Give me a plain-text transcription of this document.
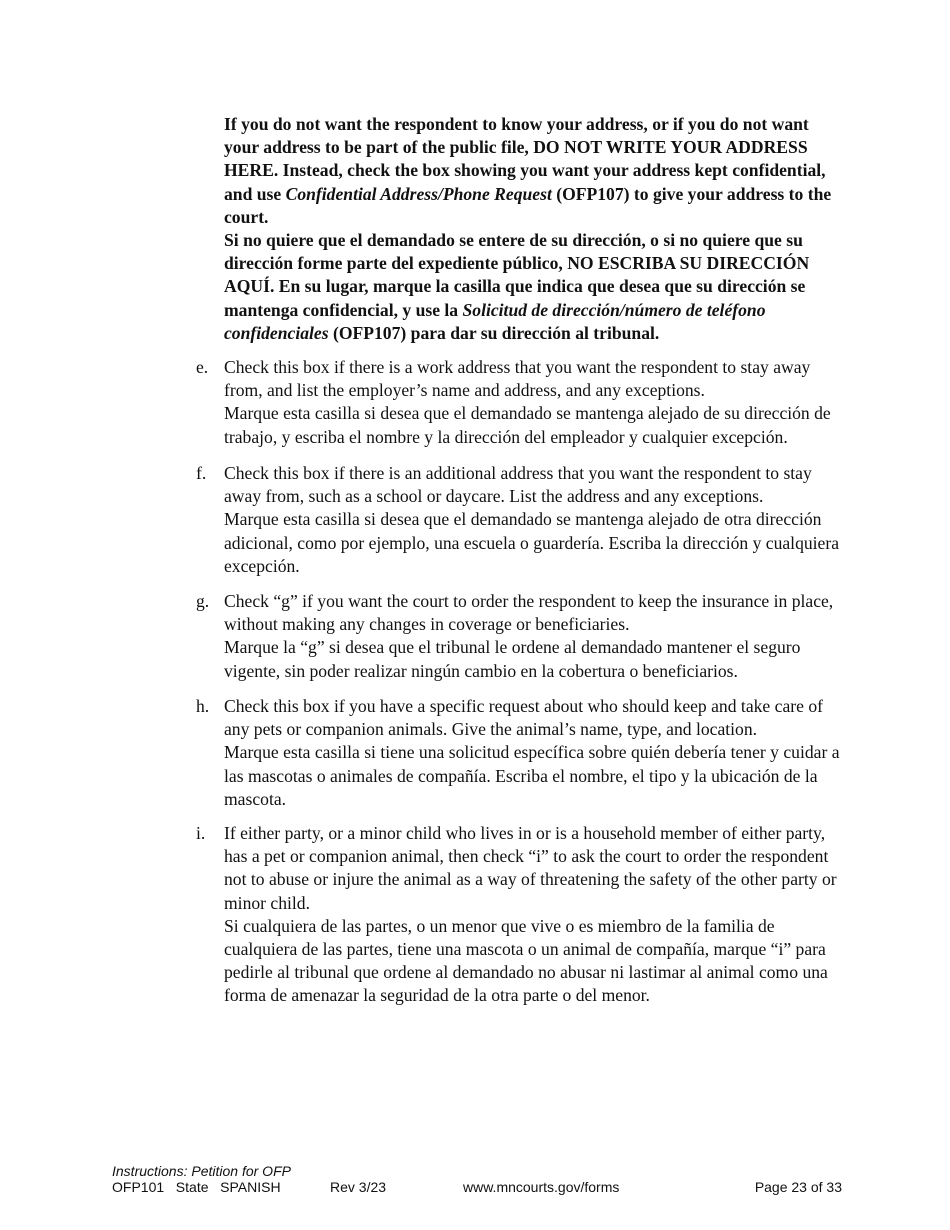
If you do not want the respondent to know your address, or if you do not want your address to be part of the public file, DO NOT WRITE YOUR ADDRESS HERE. Instead, check the box showing you want your address kept confidential, and use Confidential Address/Phone Request (OFP107) to give your address to the court.

Si no quiere que el demandado se entere de su dirección, o si no quiere que su dirección forme parte del expediente público, NO ESCRIBA SU DIRECCIÓN AQUÍ. En su lugar, marque la casilla que indica que desea que su dirección se mantenga confidencial, y use la Solicitud de dirección/número de teléfono confidenciales (OFP107) para dar su dirección al tribunal.

e. Check this box if there is a work address that you want the respondent to stay away from, and list the employer’s name and address, and any exceptions.

Marque esta casilla si desea que el demandado se mantenga alejado de su dirección de trabajo, y escriba el nombre y la dirección del empleador y cualquier excepción.

f.	Check this box if there is an additional address that you want the respondent to stay away from, such as a school or daycare. List the address and any exceptions.

Marque esta casilla si desea que el demandado se mantenga alejado de otra dirección adicional, como por ejemplo, una escuela o guardería. Escriba la dirección y cualquiera excepción.

g. Check “g” if you want the court to order the respondent to keep the insurance in place, without making any changes in coverage or beneficiaries.

Marque la “g” si desea que el tribunal le ordene al demandado mantener el seguro vigente, sin poder realizar ningún cambio en la cobertura o beneficiarios.

h. Check this box if you have a specific request about who should keep and take care of any pets or companion animals. Give the animal’s name, type, and location.

Marque esta casilla si tiene una solicitud específica sobre quién debería tener y cuidar a las mascotas o animales de compañía. Escriba el nombre, el tipo y la ubicación de la mascota.

i.	If either party, or a minor child who lives in or is a household member of either party, has a pet or companion animal, then check “i” to ask the court to order the respondent not to abuse or injure the animal as a way of threatening the safety of the other party or minor child.

Si cualquiera de las partes, o un menor que vive o es miembro de la familia de cualquiera de las partes, tiene una mascota o un animal de compañía, marque “i” para pedirle al tribunal que ordene al demandado no abusar ni lastimar al animal como una forma de amenazar la seguridad de la otra parte o del menor.

Instructions: Petition for OFP
OFP101   State   SPANISH	Rev 3/23	www.mncourts.gov/forms	Page 23 of 33
